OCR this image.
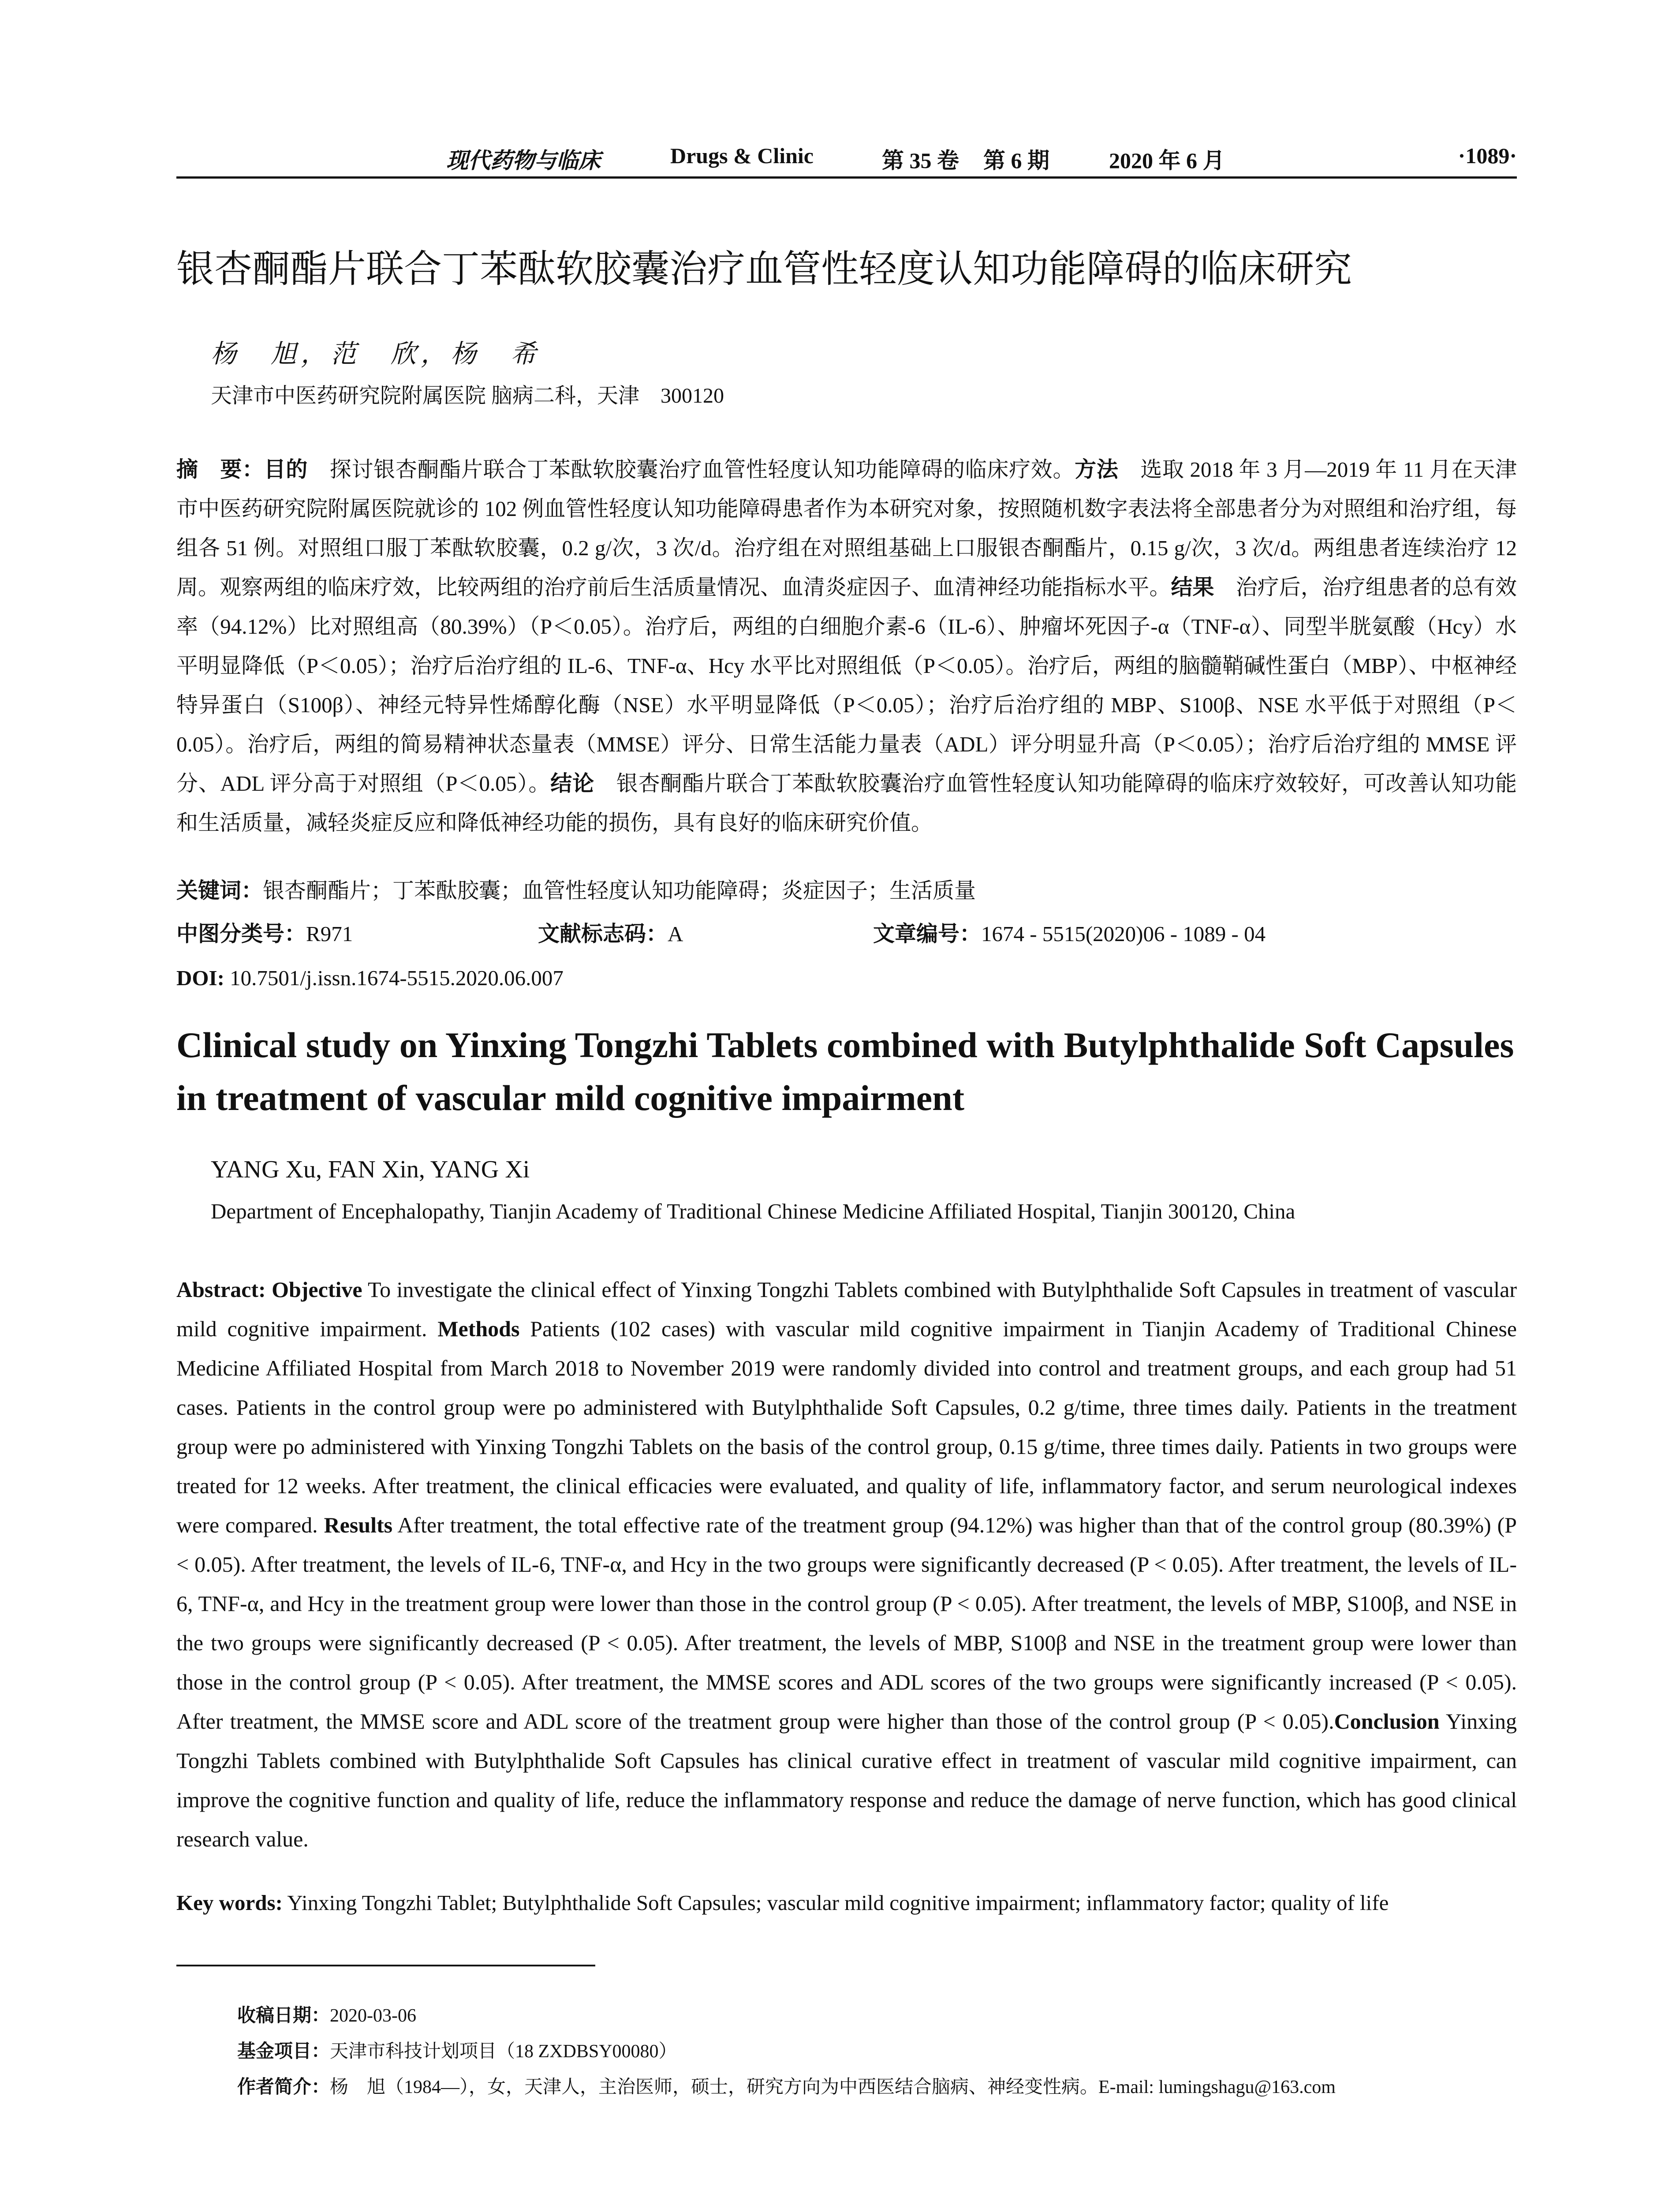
现代药物与临床	Drugs & Clinic	第 35 卷 第 6 期	2020 年 6 月	·1089·
银杏酮酯片联合丁苯酞软胶囊治疗血管性轻度认知功能障碍的临床研究
杨　旭，范　欣，杨　希
天津市中医药研究院附属医院 脑病二科，天津　300120
摘　要：目的　探讨银杏酮酯片联合丁苯酞软胶囊治疗血管性轻度认知功能障碍的临床疗效。方法　选取 2018 年 3 月—2019 年 11 月在天津市中医药研究院附属医院就诊的 102 例血管性轻度认知功能障碍患者作为本研究对象，按照随机数字表法将全部患者分为对照组和治疗组，每组各 51 例。对照组口服丁苯酞软胶囊，0.2 g/次，3 次/d。治疗组在对照组基础上口服银杏酮酯片，0.15 g/次，3 次/d。两组患者连续治疗 12 周。观察两组的临床疗效，比较两组的治疗前后生活质量情况、血清炎症因子、血清神经功能指标水平。结果　治疗后，治疗组患者的总有效率（94.12%）比对照组高（80.39%）（P＜0.05）。治疗后，两组的白细胞介素-6（IL-6）、肿瘤坏死因子-α（TNF-α）、同型半胱氨酸（Hcy）水平明显降低（P＜0.05）；治疗后治疗组的 IL-6、TNF-α、Hcy 水平比对照组低（P＜0.05）。治疗后，两组的脑髓鞘碱性蛋白（MBP）、中枢神经特异蛋白（S100β）、神经元特异性烯醇化酶（NSE）水平明显降低（P＜0.05）；治疗后治疗组的 MBP、S100β、NSE 水平低于对照组（P＜0.05）。治疗后，两组的简易精神状态量表（MMSE）评分、日常生活能力量表（ADL）评分明显升高（P＜0.05）；治疗后治疗组的 MMSE 评分、ADL 评分高于对照组（P＜0.05）。结论　银杏酮酯片联合丁苯酞软胶囊治疗血管性轻度认知功能障碍的临床疗效较好，可改善认知功能和生活质量，减轻炎症反应和降低神经功能的损伤，具有良好的临床研究价值。
关键词：银杏酮酯片；丁苯酞胶囊；血管性轻度认知功能障碍；炎症因子；生活质量
中图分类号：R971	文献标志码：A	文章编号：1674 - 5515(2020)06 - 1089 - 04
DOI: 10.7501/j.issn.1674-5515.2020.06.007
Clinical study on Yinxing Tongzhi Tablets combined with Butylphthalide Soft Capsules in treatment of vascular mild cognitive impairment
YANG Xu, FAN Xin, YANG Xi
Department of Encephalopathy, Tianjin Academy of Traditional Chinese Medicine Affiliated Hospital, Tianjin 300120, China
Abstract: Objective To investigate the clinical effect of Yinxing Tongzhi Tablets combined with Butylphthalide Soft Capsules in treatment of vascular mild cognitive impairment. Methods Patients (102 cases) with vascular mild cognitive impairment in Tianjin Academy of Traditional Chinese Medicine Affiliated Hospital from March 2018 to November 2019 were randomly divided into control and treatment groups, and each group had 51 cases. Patients in the control group were po administered with Butylphthalide Soft Capsules, 0.2 g/time, three times daily. Patients in the treatment group were po administered with Yinxing Tongzhi Tablets on the basis of the control group, 0.15 g/time, three times daily. Patients in two groups were treated for 12 weeks. After treatment, the clinical efficacies were evaluated, and quality of life, inflammatory factor, and serum neurological indexes were compared. Results After treatment, the total effective rate of the treatment group (94.12%) was higher than that of the control group (80.39%) (P < 0.05). After treatment, the levels of IL-6, TNF-α, and Hcy in the two groups were significantly decreased (P < 0.05). After treatment, the levels of IL-6, TNF-α, and Hcy in the treatment group were lower than those in the control group (P < 0.05). After treatment, the levels of MBP, S100β, and NSE in the two groups were significantly decreased (P < 0.05). After treatment, the levels of MBP, S100β and NSE in the treatment group were lower than those in the control group (P < 0.05). After treatment, the MMSE scores and ADL scores of the two groups were significantly increased (P < 0.05). After treatment, the MMSE score and ADL score of the treatment group were higher than those of the control group (P < 0.05).Conclusion Yinxing Tongzhi Tablets combined with Butylphthalide Soft Capsules has clinical curative effect in treatment of vascular mild cognitive impairment, can improve the cognitive function and quality of life, reduce the inflammatory response and reduce the damage of nerve function, which has good clinical research value.
Key words: Yinxing Tongzhi Tablet; Butylphthalide Soft Capsules; vascular mild cognitive impairment; inflammatory factor; quality of life
收稿日期：2020-03-06
基金项目：天津市科技计划项目（18 ZXDBSY00080）
作者简介：杨　旭（1984—），女，天津人，主治医师，硕士，研究方向为中西医结合脑病、神经变性病。E-mail: lumingshagu@163.com
